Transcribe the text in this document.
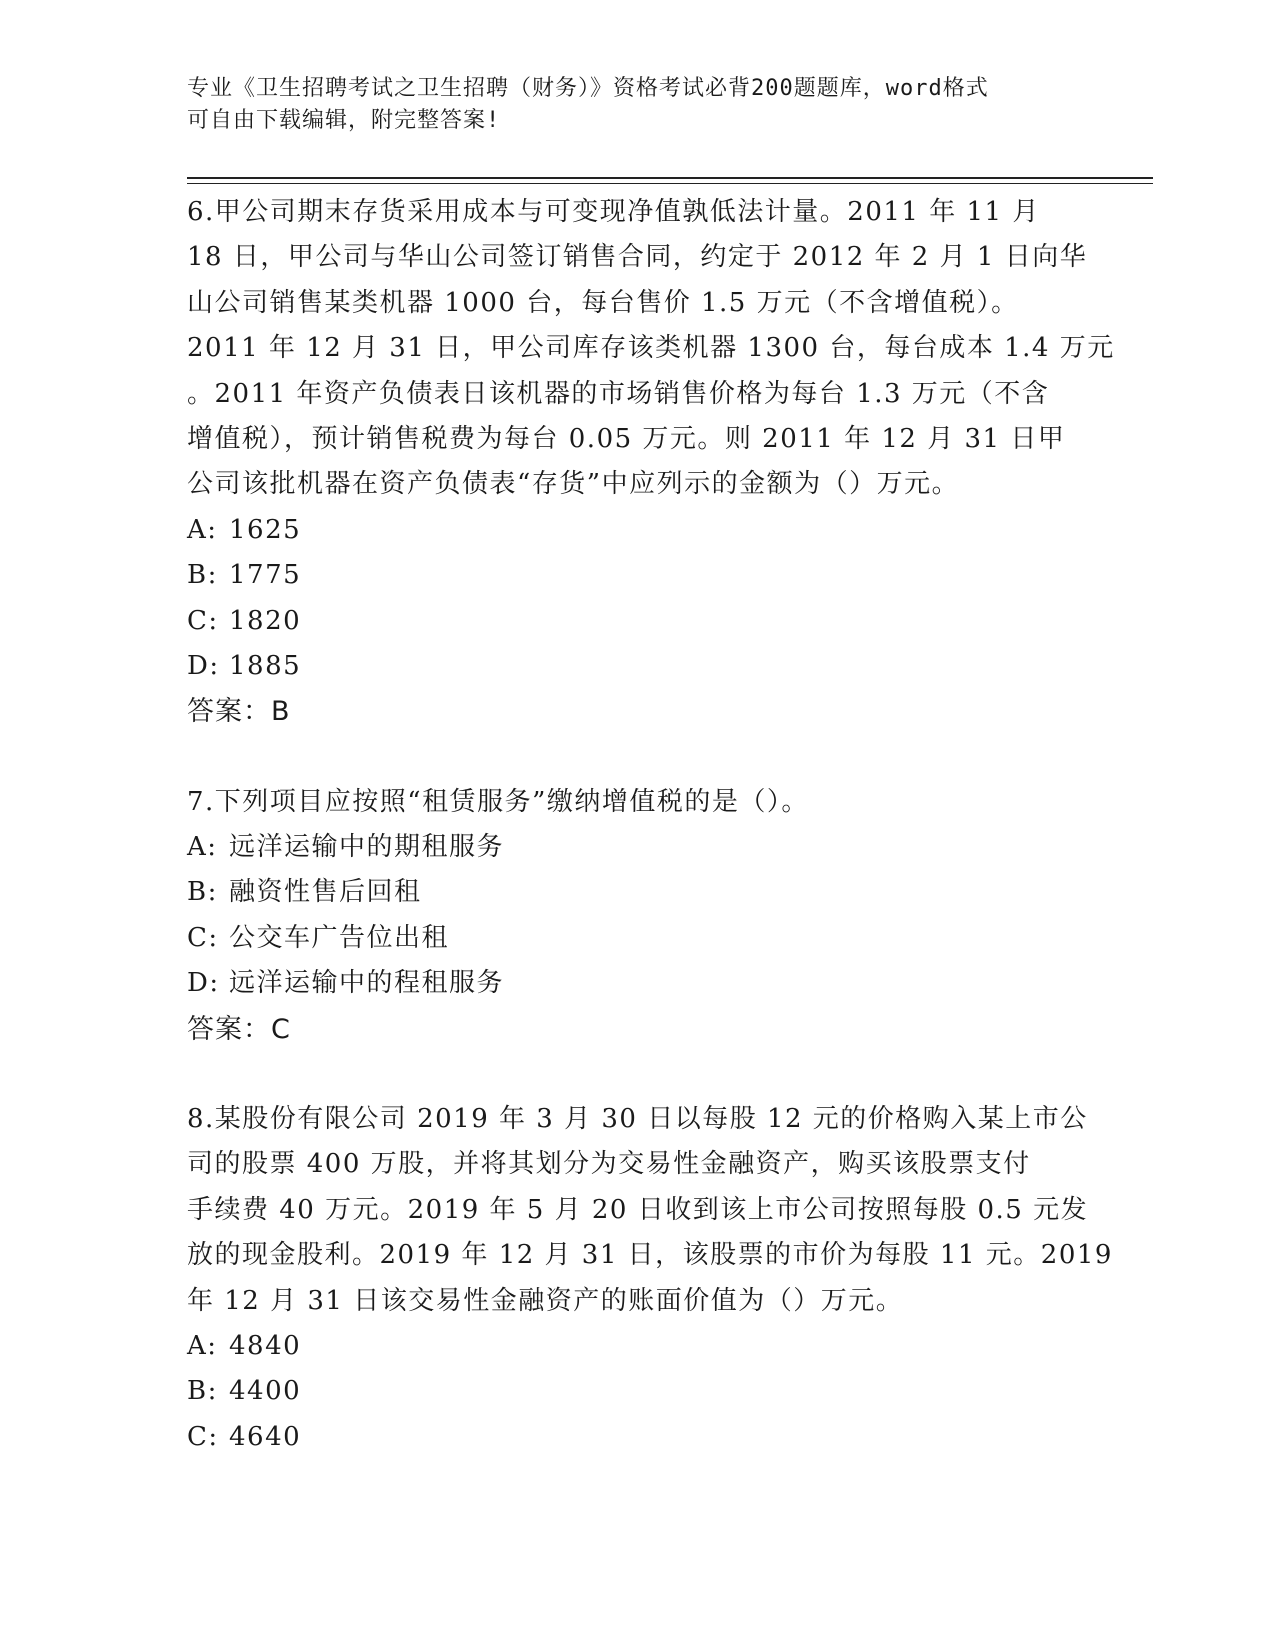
专业《卫生招聘考试之卫生招聘（财务）》资格考试必背200题题库，word格式
可自由下载编辑，附完整答案!
6.甲公司期末存货采用成本与可变现净值孰低法计量。2011 年 11 月
18 日，甲公司与华山公司签订销售合同，约定于 2012 年 2 月 1 日向华
山公司销售某类机器 1000 台，每台售价 1.5 万元（不含增值税）。
2011 年 12 月 31 日，甲公司库存该类机器 1300 台，每台成本 1.4 万元
。2011 年资产负债表日该机器的市场销售价格为每台 1.3 万元（不含
增值税），预计销售税费为每台 0.05 万元。则 2011 年 12 月 31 日甲
公司该批机器在资产负债表“存货”中应列示的金额为（）万元。
A: 1625
B: 1775
C: 1820
D: 1885
答案：B
7.下列项目应按照“租赁服务”缴纳增值税的是（）。
A: 远洋运输中的期租服务
B: 融资性售后回租
C: 公交车广告位出租
D: 远洋运输中的程租服务
答案：C
8.某股份有限公司 2019 年 3 月 30 日以每股 12 元的价格购入某上市公
司的股票 400 万股，并将其划分为交易性金融资产，购买该股票支付
手续费 40 万元。2019 年 5 月 20 日收到该上市公司按照每股 0.5 元发
放的现金股利。2019 年 12 月 31 日，该股票的市价为每股 11 元。2019
年 12 月 31 日该交易性金融资产的账面价值为（）万元。
A: 4840
B: 4400
C: 4640
